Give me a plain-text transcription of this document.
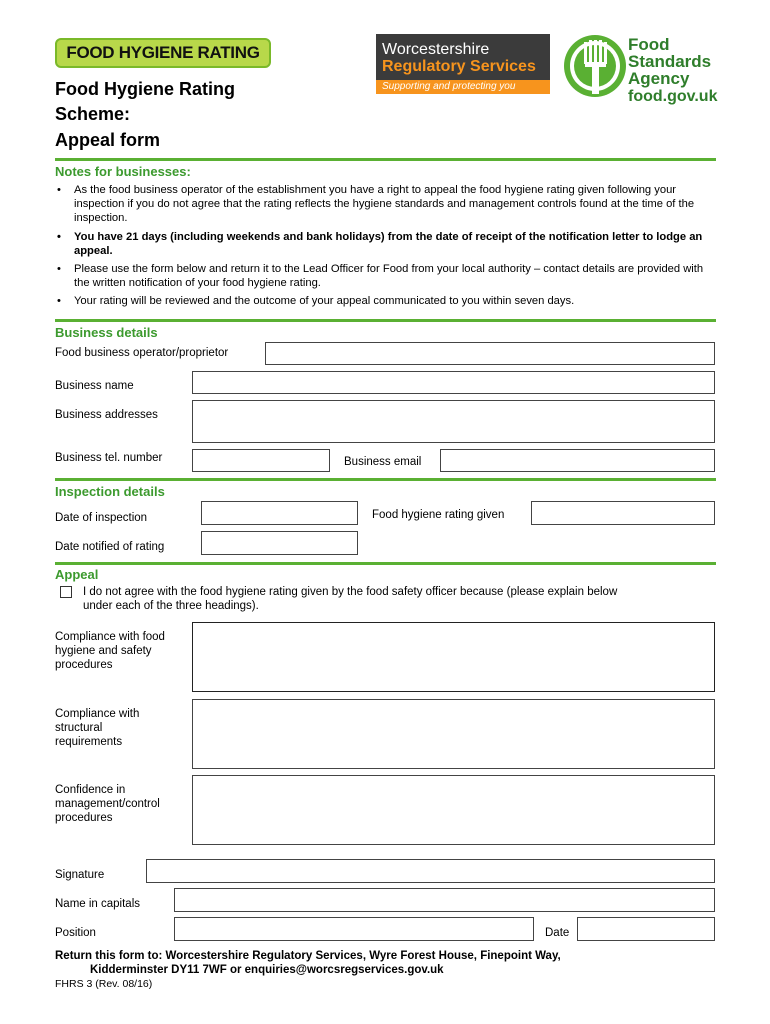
FOOD HYGIENE RATING
Food Hygiene Rating
Scheme:
Appeal form
Worcestershire
Regulatory Services
Supporting and protecting you
Food
Standards
Agency
food.gov.uk
Notes for businesses:
• As the food business operator of the establishment you have a right to appeal the food hygiene rating given following your inspection if you do not agree that the rating reflects the hygiene standards and management controls found at the time of the inspection.
• You have 21 days (including weekends and bank holidays) from the date of receipt of the notification letter to lodge an appeal.
• Please use the form below and return it to the Lead Officer for Food from your local authority – contact details are provided with the written notification of your food hygiene rating.
• Your rating will be reviewed and the outcome of your appeal communicated to you within seven days.
Business details
Food business operator/proprietor
Business name
Business addresses
Business tel. number	Business email
Inspection details
Date of inspection	Food hygiene rating given
Date notified of rating
Appeal
I do not agree with the food hygiene rating given by the food safety officer because (please explain below
under each of the three headings).
Compliance with food
hygiene and safety
procedures
Compliance with
structural
requirements
Confidence in
management/control
procedures
Signature
Name in capitals
Position	Date
Return this form to: Worcestershire Regulatory Services, Wyre Forest House, Finepoint Way,
Kidderminster DY11 7WF or enquiries@worcsregservices.gov.uk
FHRS 3 (Rev. 08/16)
